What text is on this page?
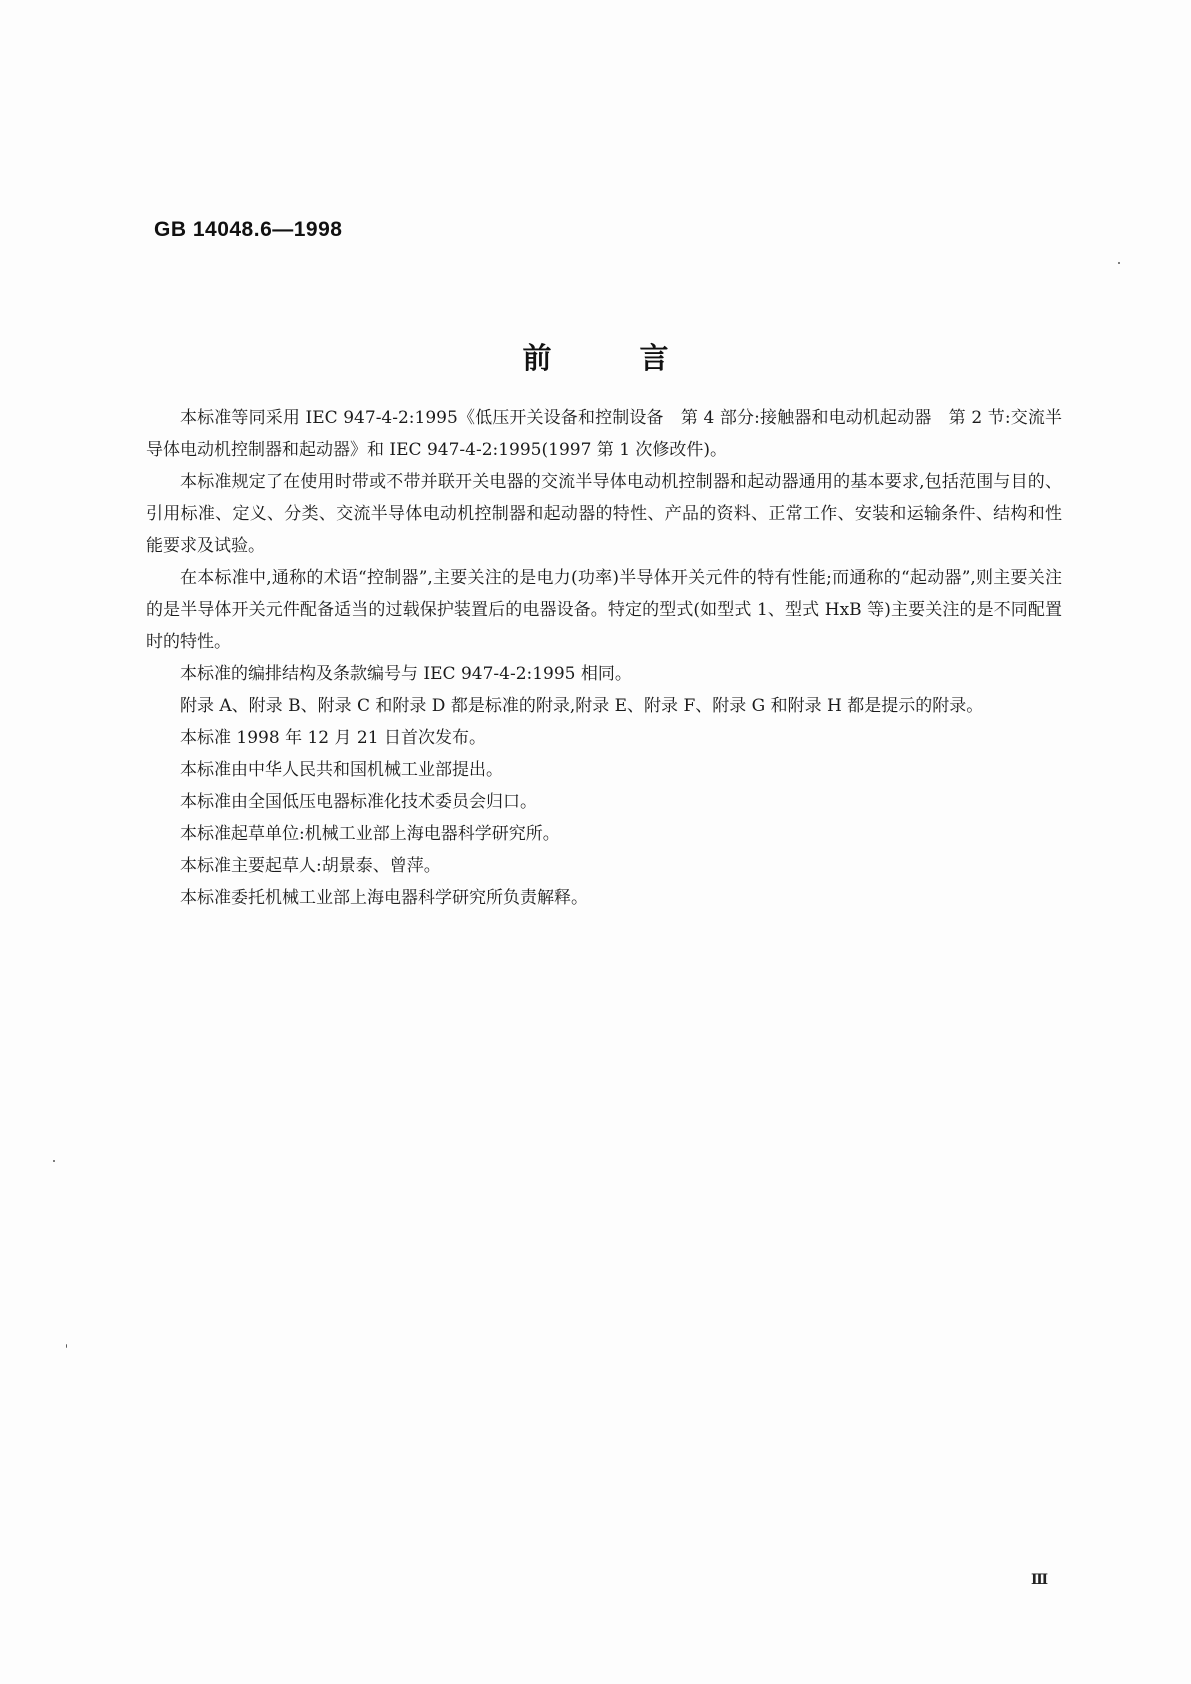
GB 14048.6—1998
前言

本标准等同采用 IEC 947-4-2:1995《低压开关设备和控制设备　第 4 部分:接触器和电动机起动器　第 2 节:交流半导体电动机控制器和起动器》和 IEC 947-4-2:1995(1997 第 1 次修改件)。

本标准规定了在使用时带或不带并联开关电器的交流半导体电动机控制器和起动器通用的基本要求,包括范围与目的、引用标准、定义、分类、交流半导体电动机控制器和起动器的特性、产品的资料、正常工作、安装和运输条件、结构和性能要求及试验。

在本标准中,通称的术语“控制器”,主要关注的是电力(功率)半导体开关元件的特有性能;而通称的“起动器”,则主要关注的是半导体开关元件配备适当的过载保护装置后的电器设备。特定的型式(如型式 1、型式 HxB 等)主要关注的是不同配置时的特性。

本标准的编排结构及条款编号与 IEC 947-4-2:1995 相同。

附录 A、附录 B、附录 C 和附录 D 都是标准的附录,附录 E、附录 F、附录 G 和附录 H 都是提示的附录。

本标准 1998 年 12 月 21 日首次发布。

本标准由中华人民共和国机械工业部提出。

本标准由全国低压电器标准化技术委员会归口。

本标准起草单位:机械工业部上海电器科学研究所。

本标准主要起草人:胡景泰、曾萍。

本标准委托机械工业部上海电器科学研究所负责解释。

Ⅲ
